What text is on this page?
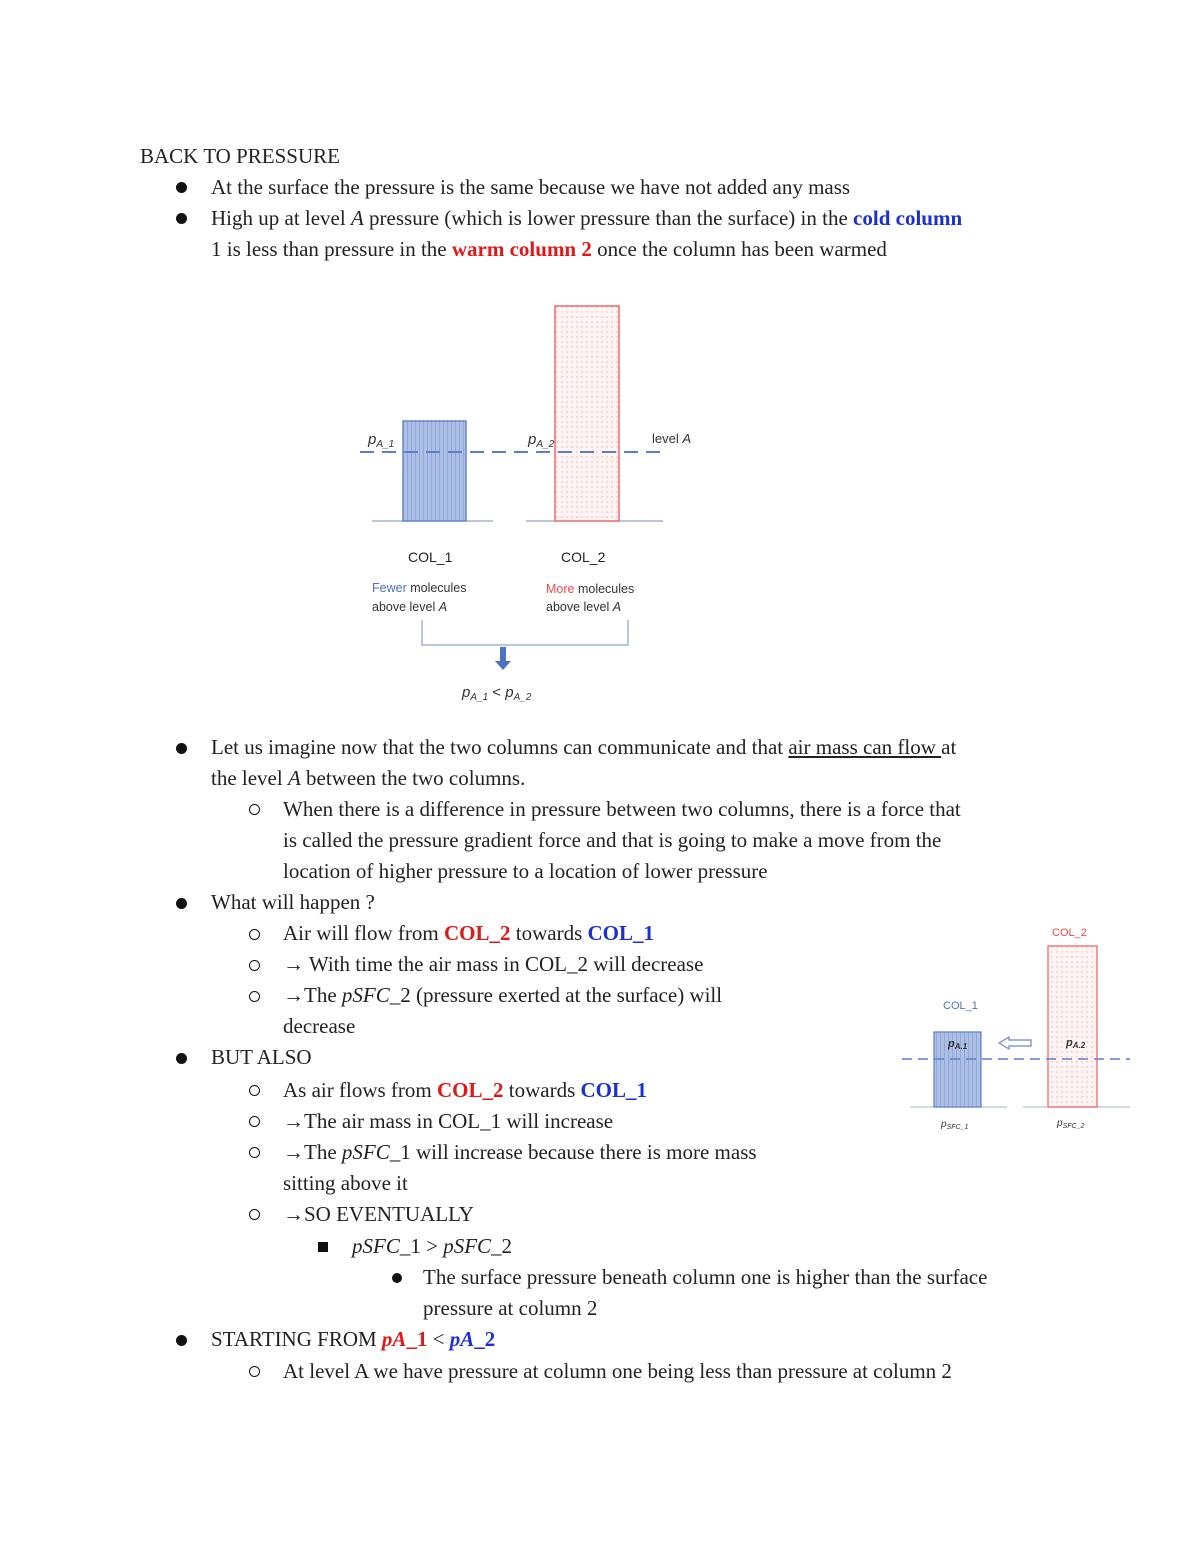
BACK TO PRESSURE
At the surface the pressure is the same because we have not added any mass
High up at level A pressure (which is lower pressure than the surface) in the cold column
1 is less than pressure in the warm column 2 once the column has been warmed
$p_{A\_1}$	$p_{A\_2}$	level A
COL_1	COL_2
Fewer molecules
above level A
More molecules
above level A
$p_{A\_1} < p_{A\_2}$
Let us imagine now that the two columns can communicate and that air mass can flow at
the level A between the two columns.
When there is a difference in pressure between two columns, there is a force that
is called the pressure gradient force and that is going to make a move from the
location of higher pressure to a location of lower pressure
What will happen ?
Air will flow from COL_2 towards COL_1
→ With time the air mass in COL_2 will decrease
→The pSFC_2 (pressure exerted at the surface) will
decrease
BUT ALSO
As air flows from COL_2 towards COL_1
→The air mass in COL_1 will increase
→The pSFC_1 will increase because there is more mass
sitting above it
→SO EVENTUALLY
pSFC_1 > pSFC_2
The surface pressure beneath column one is higher than the surface
pressure at column 2
STARTING FROM pA_1 < pA_2
At level A we have pressure at column one being less than pressure at column 2
COL_2
COL_1
pA.1	pA.2
$p_{SFC\_1}$	$p_{SFC\_2}$
